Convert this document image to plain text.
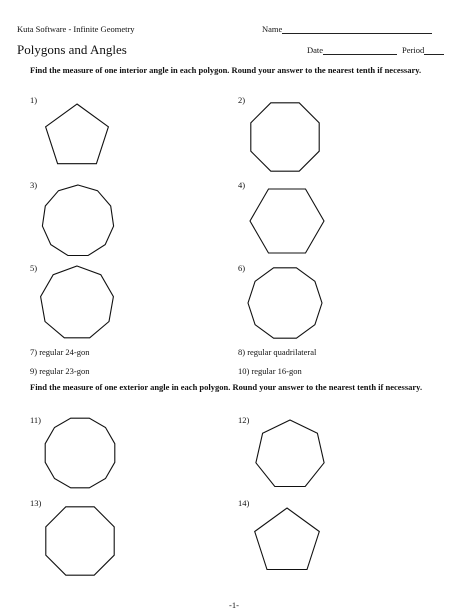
Kuta Software - Infinite Geometry	Name
Polygons and Angles	Date	Period
Find the measure of one interior angle in each polygon. Round your answer to the nearest tenth if necessary.
1)	2)
3)	4)
5)	6)
7) regular 24-gon	8) regular quadrilateral
9) regular 23-gon	10) regular 16-gon
Find the measure of one exterior angle in each polygon. Round your answer to the nearest tenth if necessary.
11)	12)
13)	14)
-1-
